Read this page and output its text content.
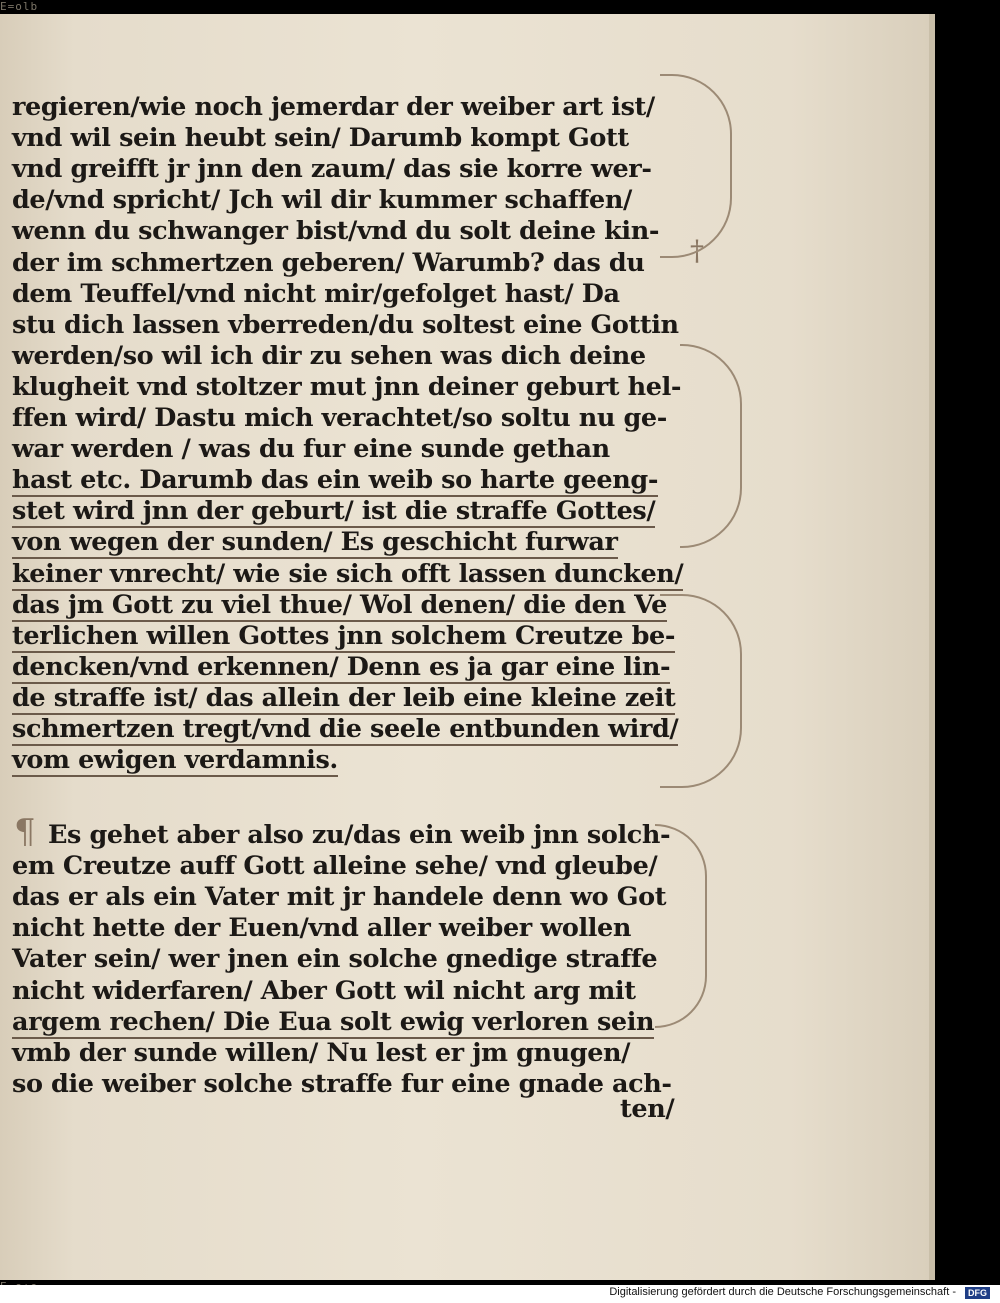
E=olb
regieren/wie noch jemerdar der weiber art ist/
vnd wil sein heubt sein/ Darumb kompt Gott
vnd greifft jr jnn den zaum/ das sie korre wer-
de/vnd spricht/ Jch wil dir kummer schaffen/
wenn du schwanger bist/vnd du solt deine kin-
der im schmertzen geberen/ Warumb? das du
dem Teuffel/vnd nicht mir/gefolget hast/ Da
stu dich lassen vberreden/du soltest eine Gottin
werden/so wil ich dir zu sehen was dich deine
klugheit vnd stoltzer mut jnn deiner geburt hel-
ffen wird/ Dastu mich verachtet/so soltu nu ge-
war werden / was du fur eine sunde gethan
hast etc. Darumb das ein weib so harte geeng-
stet wird jnn der geburt/ ist die straffe Gottes/
von wegen der sunden/ Es geschicht furwar
keiner vnrecht/ wie sie sich offt lassen duncken/
das jm Gott zu viel thue/ Wol denen/ die den Ve
terlichen willen Gottes jnn solchem Creutze be-
dencken/vnd erkennen/ Denn es ja gar eine lin-
de straffe ist/ das allein der leib eine kleine zeit
schmertzen tregt/vnd die seele entbunden wird/
vom ewigen verdamnis.
Es gehet aber also zu/das ein weib jnn solch-
em Creutze auff Gott alleine sehe/ vnd gleube/
das er als ein Vater mit jr handele denn wo Got
nicht hette der Euen/vnd aller weiber wollen
Vater sein/ wer jnen ein solche gnedige straffe
nicht widerfaren/ Aber Gott wil nicht arg mit
argem rechen/ Die Eua solt ewig verloren sein
vmb der sunde willen/ Nu lest er jm gnugen/
so die weiber solche straffe fur eine gnade ach-
ten/
†
¶
Digitalisierung gefördert durch die Deutsche Forschungsgemeinschaft -	DFG
